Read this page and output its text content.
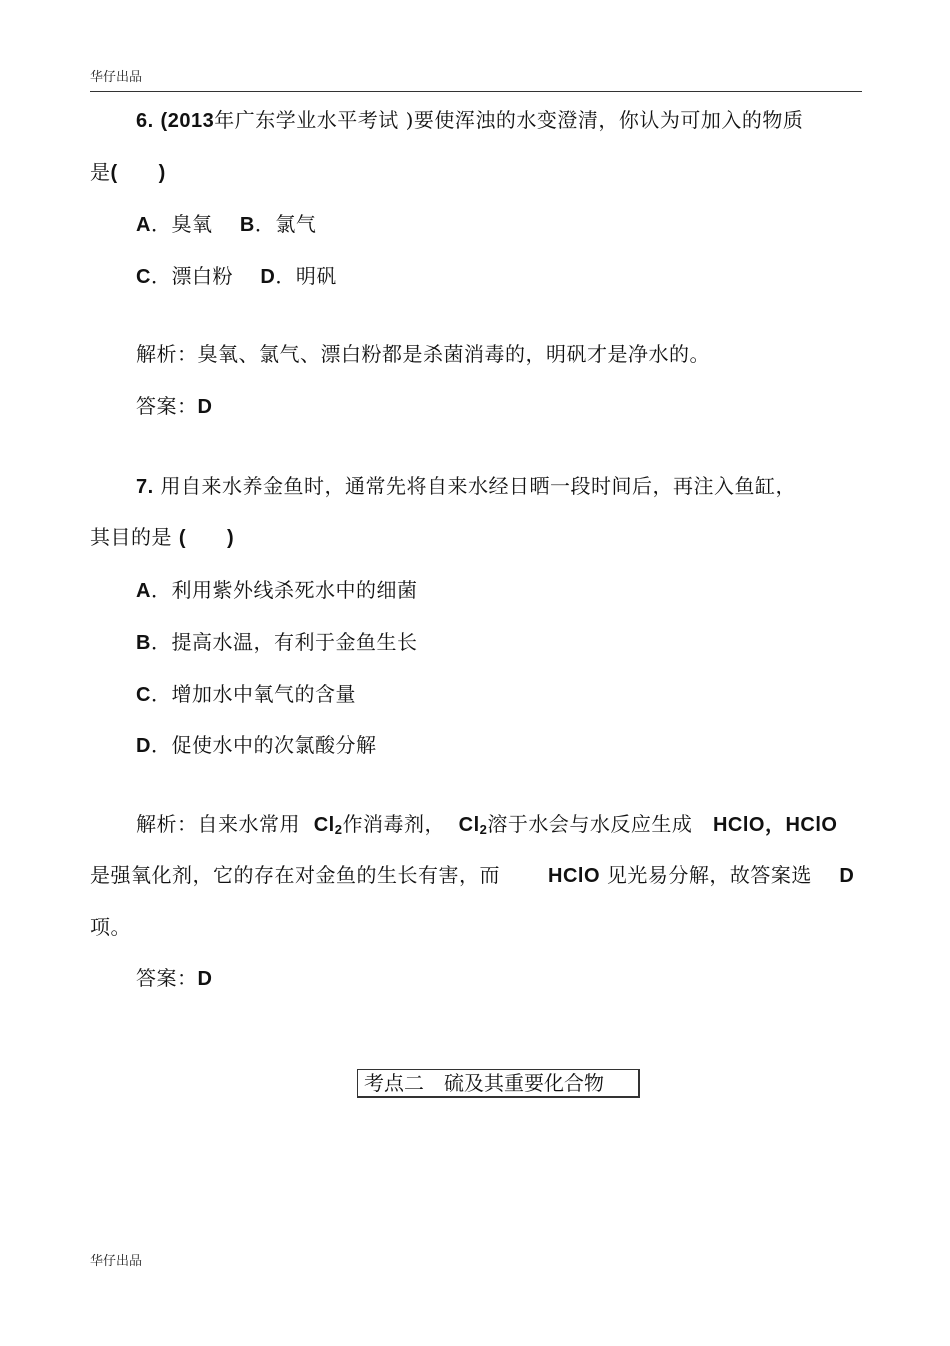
华仔出品
6. (2013年广东学业水平考试 )要使浑浊的水变澄清，你认为可加入的物质
是(　　)
A．臭氧 B．氯气
C．漂白粉 D．明矾
解析：臭氧、氯气、漂白粉都是杀菌消毒的，明矾才是净水的。
答案：D
7. 用自来水养金鱼时，通常先将自来水经日晒一段时间后，再注入鱼缸，
其目的是 (　　)
A．利用紫外线杀死水中的细菌
B．提高水温，有利于金鱼生长
C．增加水中氧气的含量
D．促使水中的次氯酸分解
解析：自来水常用 $Cl_2$作消毒剂， $Cl_2$溶于水会与水反应生成 HClO，HClO
是强氧化剂，它的存在对金鱼的生长有害，而 HClO 见光易分解，故答案选 D
项。
答案：D
考点二　硫及其重要化合物
华仔出品
